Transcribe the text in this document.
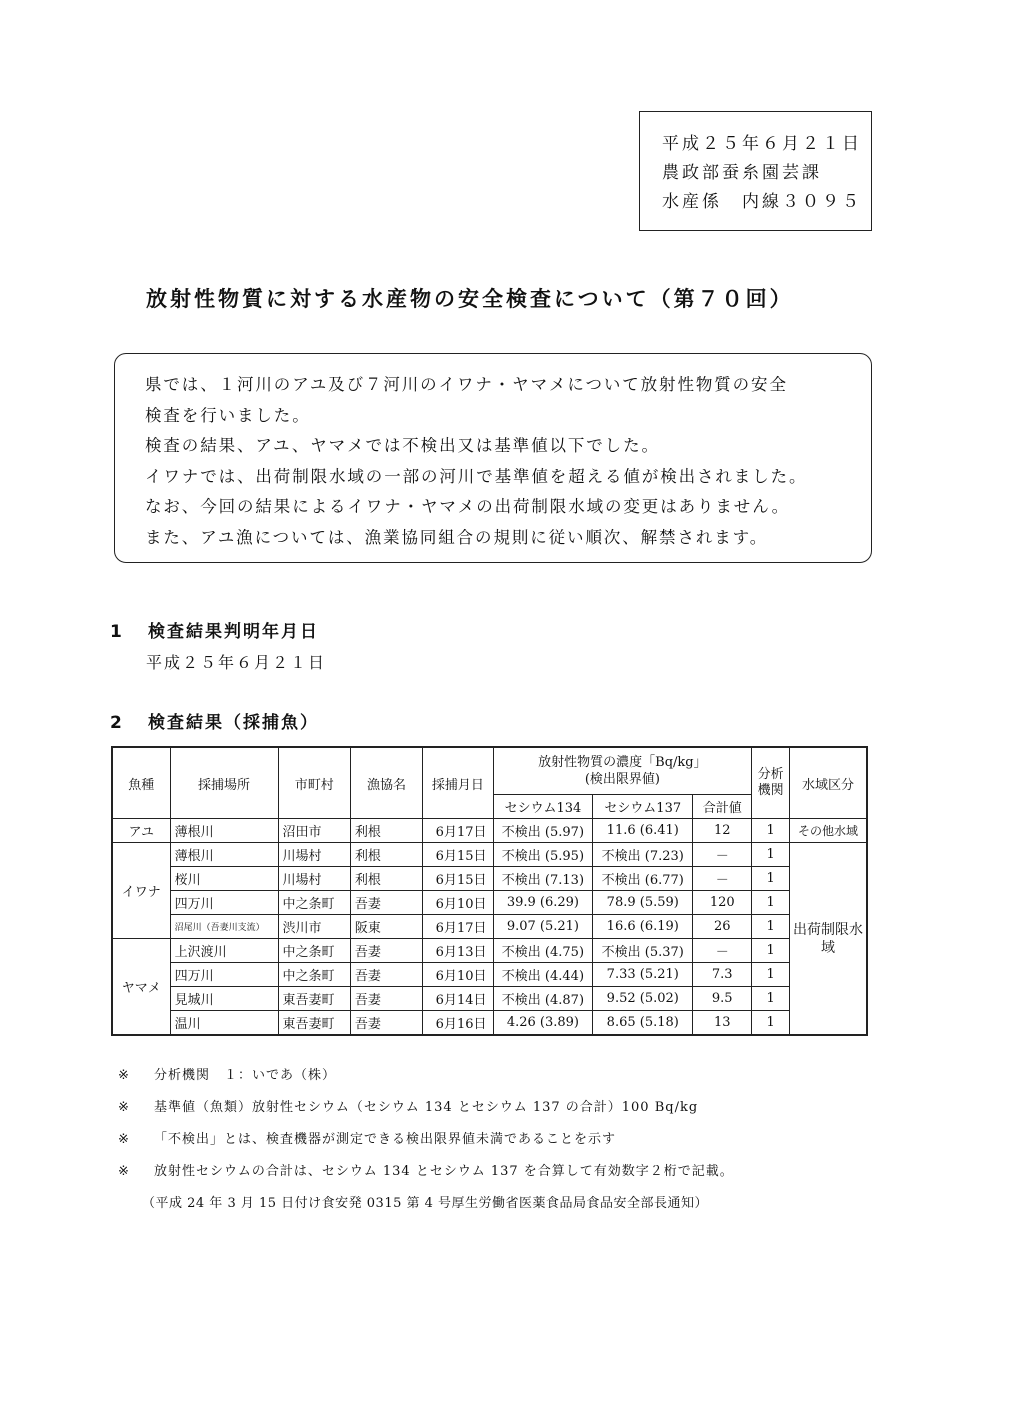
平成２５年６月２１日
農政部蚕糸園芸課
水産係　内線３０９５
放射性物質に対する水産物の安全検査について（第７０回）

県では、１河川のアユ及び７河川のイワナ・ヤマメについて放射性物質の安全

検査を行いました。

検査の結果、アユ、ヤマメでは不検出又は基準値以下でした。

イワナでは、出荷制限水域の一部の河川で基準値を超える値が検出されました。

なお、今回の結果によるイワナ・ヤマメの出荷制限水域の変更はありません。

また、アユ漁については、漁業協同組合の規則に従い順次、解禁されます。

1 検査結果判明年月日
平成２５年６月２１日
2 検査結果（採捕魚）
魚種	採捕場所	市町村	漁協名	採捕月日	放射性物質の濃度「Bq/kg」
(検出限界値)			分析機関	水域区分
					セシウム134	セシウム137	合計値		
アユ	薄根川	沼田市	利根	6月17日	不検出 (5.97)	11.6 (6.41)	12	1	その他水域
イワナ	薄根川	川場村	利根	6月15日	不検出 (5.95)	不検出 (7.23)	－	1	出荷制限水域
	桜川	川場村	利根	6月15日	不検出 (7.13)	不検出 (6.77)	－	1	
	四万川	中之条町	吾妻	6月10日	39.9 (6.29)	78.9 (5.59)	120	1	
	沼尾川（吾妻川支流）	渋川市	阪東	6月17日	9.07 (5.21)	16.6 (6.19)	26	1	
ヤマメ	上沢渡川	中之条町	吾妻	6月13日	不検出 (4.75)	不検出 (5.37)	－	1	
	四万川	中之条町	吾妻	6月10日	不検出 (4.44)	7.33 (5.21)	7.3	1	
	見城川	東吾妻町	吾妻	6月14日	不検出 (4.87)	9.52 (5.02)	9.5	1	
	温川	東吾妻町	吾妻	6月16日	4.26 (3.89)	8.65 (5.18)	13	1	
※ 分析機関　１：いであ（株）
※ 基準値（魚類）放射性セシウム（セシウム 134 とセシウム 137 の合計）100 Bq/kg
※ 「不検出」とは、検査機器が測定できる検出限界値未満であることを示す
※ 放射性セシウムの合計は、セシウム 134 とセシウム 137 を合算して有効数字２桁で記載。
（平成 24 年 3 月 15 日付け食安発 0315 第 4 号厚生労働省医薬食品局食品安全部長通知）
